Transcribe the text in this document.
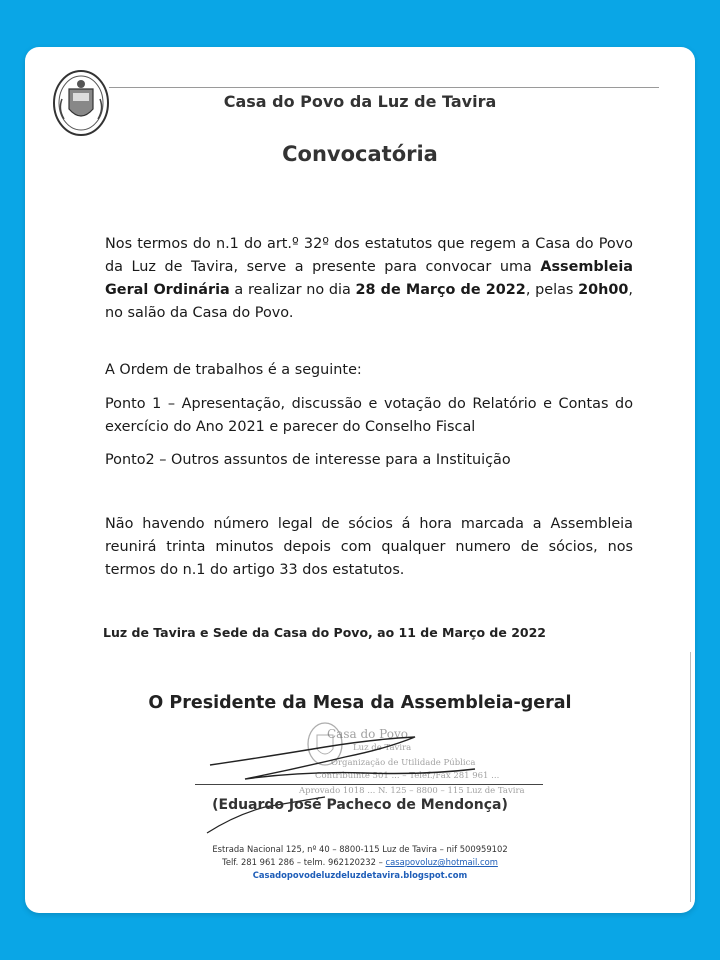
Casa do Povo da Luz de Tavira
Convocatória
Nos termos do n.1 do art.º 32º dos estatutos que regem a Casa do Povo da Luz de Tavira, serve a presente para convocar uma Assembleia Geral Ordinária a realizar no dia 28 de Março de 2022, pelas 20h00, no salão da Casa do Povo.
A Ordem de trabalhos é a seguinte:
Ponto 1 – Apresentação, discussão e votação do Relatório e Contas do exercício do Ano 2021 e parecer do Conselho Fiscal
Ponto2 – Outros assuntos de interesse para a Instituição
Não havendo número legal de sócios á hora marcada a Assembleia reunirá trinta minutos depois com qualquer numero de sócios, nos termos do n.1 do artigo 33 dos estatutos.
Luz de Tavira e Sede da Casa do Povo, ao 11 de Março de 2022
O Presidente da Mesa da Assembleia-geral
Casa do Povo
Luz de Tavira
Organização de Utilidade Pública
Contribuinte 501 ... – Telef./Fax 281 961 ...
Aprovado 1018 ... N. 125 – 8800 – 115 Luz de Tavira
(Eduardo José Pacheco de Mendonça)
Estrada Nacional 125, nº 40 – 8800-115 Luz de Tavira – nif 500959102
Telf. 281 961 286 – telm. 962120232 – casapovoluz@hotmail.com
Casadopovodeluzdeluzdetavira.blogspot.com
